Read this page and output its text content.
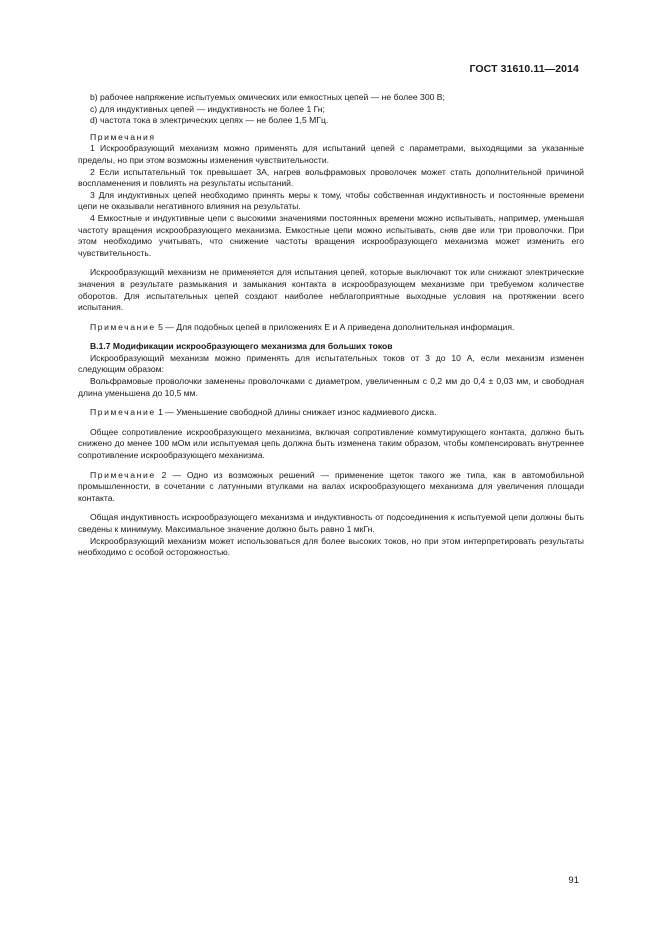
ГОСТ 31610.11—2014

b) рабочее напряжение испытуемых омических или емкостных цепей — не более 300 В;

c) для индуктивных цепей — индуктивность не более 1 Гн;

d) частота тока в электрических цепях — не более 1,5 МГц.

Примечания

1 Искрообразующий механизм можно применять для испытаний цепей с параметрами, выходящими за указанные пределы, но при этом возможны изменения чувствительности.

2 Если испытательный ток превышает 3А, нагрев вольфрамовых проволочек может стать дополнительной причиной воспламенения и повлиять на результаты испытаний.

3 Для индуктивных цепей необходимо принять меры к тому, чтобы собственная индуктивность и постоянные времени цепи не оказывали негативного влияния на результаты.

4 Емкостные и индуктивные цепи с высокими значениями постоянных времени можно испытывать, например, уменьшая частоту вращения искрообразующего механизма. Емкостные цепи можно испытывать, сняв две или три проволочки. При этом необходимо учитывать, что снижение частоты вращения искрообразующего механизма может изменить его чувствительность.

Искрообразующий механизм не применяется для испытания цепей, которые выключают ток или снижают электрические значения в результате размыкания и замыкания контакта в искрообразующем механизме при требуемом количестве оборотов. Для испытательных цепей создают наиболее неблагоприятные выходные условия на протяжении всего испытания.

Примечание 5 — Для подобных цепей в приложениях Е и А приведена дополнительная информация.

B.1.7 Модификации искрообразующего механизма для больших токов

Искрообразующий механизм можно применять для испытательных токов от 3 до 10 А, если механизм изменен следующим образом:

Вольфрамовые проволочки заменены проволочками с диаметром, увеличенным с 0,2 мм до 0,4 ± 0,03 мм, и свободная длина уменьшена до 10,5 мм.

Примечание 1 — Уменьшение свободной длины снижает износ кадмиевого диска.

Общее сопротивление искрообразующего механизма, включая сопротивление коммутирующего контакта, должно быть снижено до менее 100 мОм или испытуемая цепь должна быть изменена таким образом, чтобы компенсировать внутреннее сопротивление искрообразующего механизма.

Примечание 2 — Одно из возможных решений — применение щеток такого же типа, как в автомобильной промышленности, в сочетании с латунными втулками на валах искрообразующего механизма для увеличения площади контакта.

Общая индуктивность искрообразующего механизма и индуктивность от подсоединения к испытуемой цепи должны быть сведены к минимуму. Максимальное значение должно быть равно 1 мкГн.

Искрообразующий механизм может использоваться для более высоких токов, но при этом интерпретировать результаты необходимо с особой осторожностью.

91
